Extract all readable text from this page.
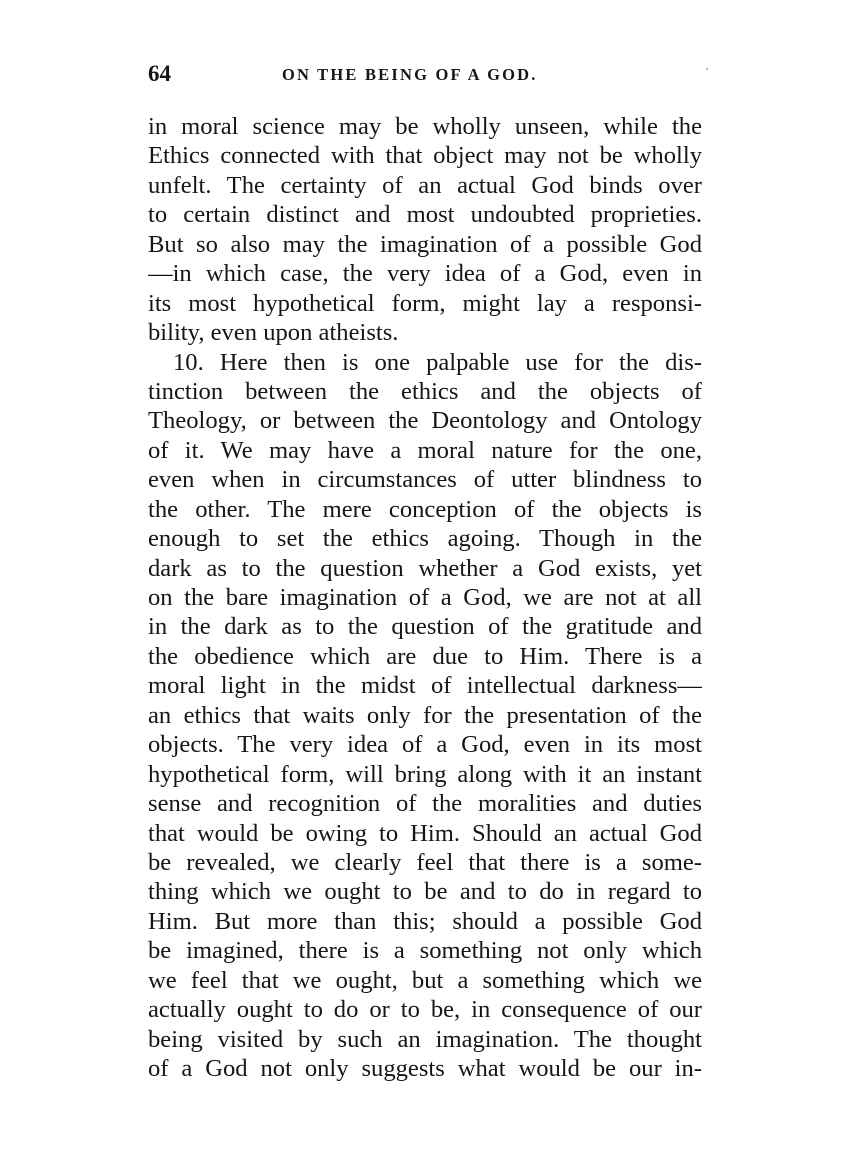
64	ON THE BEING OF A GOD.
in moral science may be wholly unseen, while the
Ethics connected with that object may not be wholly
unfelt. The certainty of an actual God binds over
to certain distinct and most undoubted proprieties.
But so also may the imagination of a possible God
—in which case, the very idea of a God, even in
its most hypothetical form, might lay a responsi-
bility, even upon atheists.
10. Here then is one palpable use for the dis-
tinction between the ethics and the objects of
Theology, or between the Deontology and Ontology
of it. We may have a moral nature for the one,
even when in circumstances of utter blindness to
the other. The mere conception of the objects is
enough to set the ethics agoing. Though in the
dark as to the question whether a God exists, yet
on the bare imagination of a God, we are not at all
in the dark as to the question of the gratitude and
the obedience which are due to Him. There is a
moral light in the midst of intellectual darkness—
an ethics that waits only for the presentation of the
objects. The very idea of a God, even in its most
hypothetical form, will bring along with it an instant
sense and recognition of the moralities and duties
that would be owing to Him. Should an actual God
be revealed, we clearly feel that there is a some-
thing which we ought to be and to do in regard to
Him. But more than this; should a possible God
be imagined, there is a something not only which
we feel that we ought, but a something which we
actually ought to do or to be, in consequence of our
being visited by such an imagination. The thought
of a God not only suggests what would be our in-
